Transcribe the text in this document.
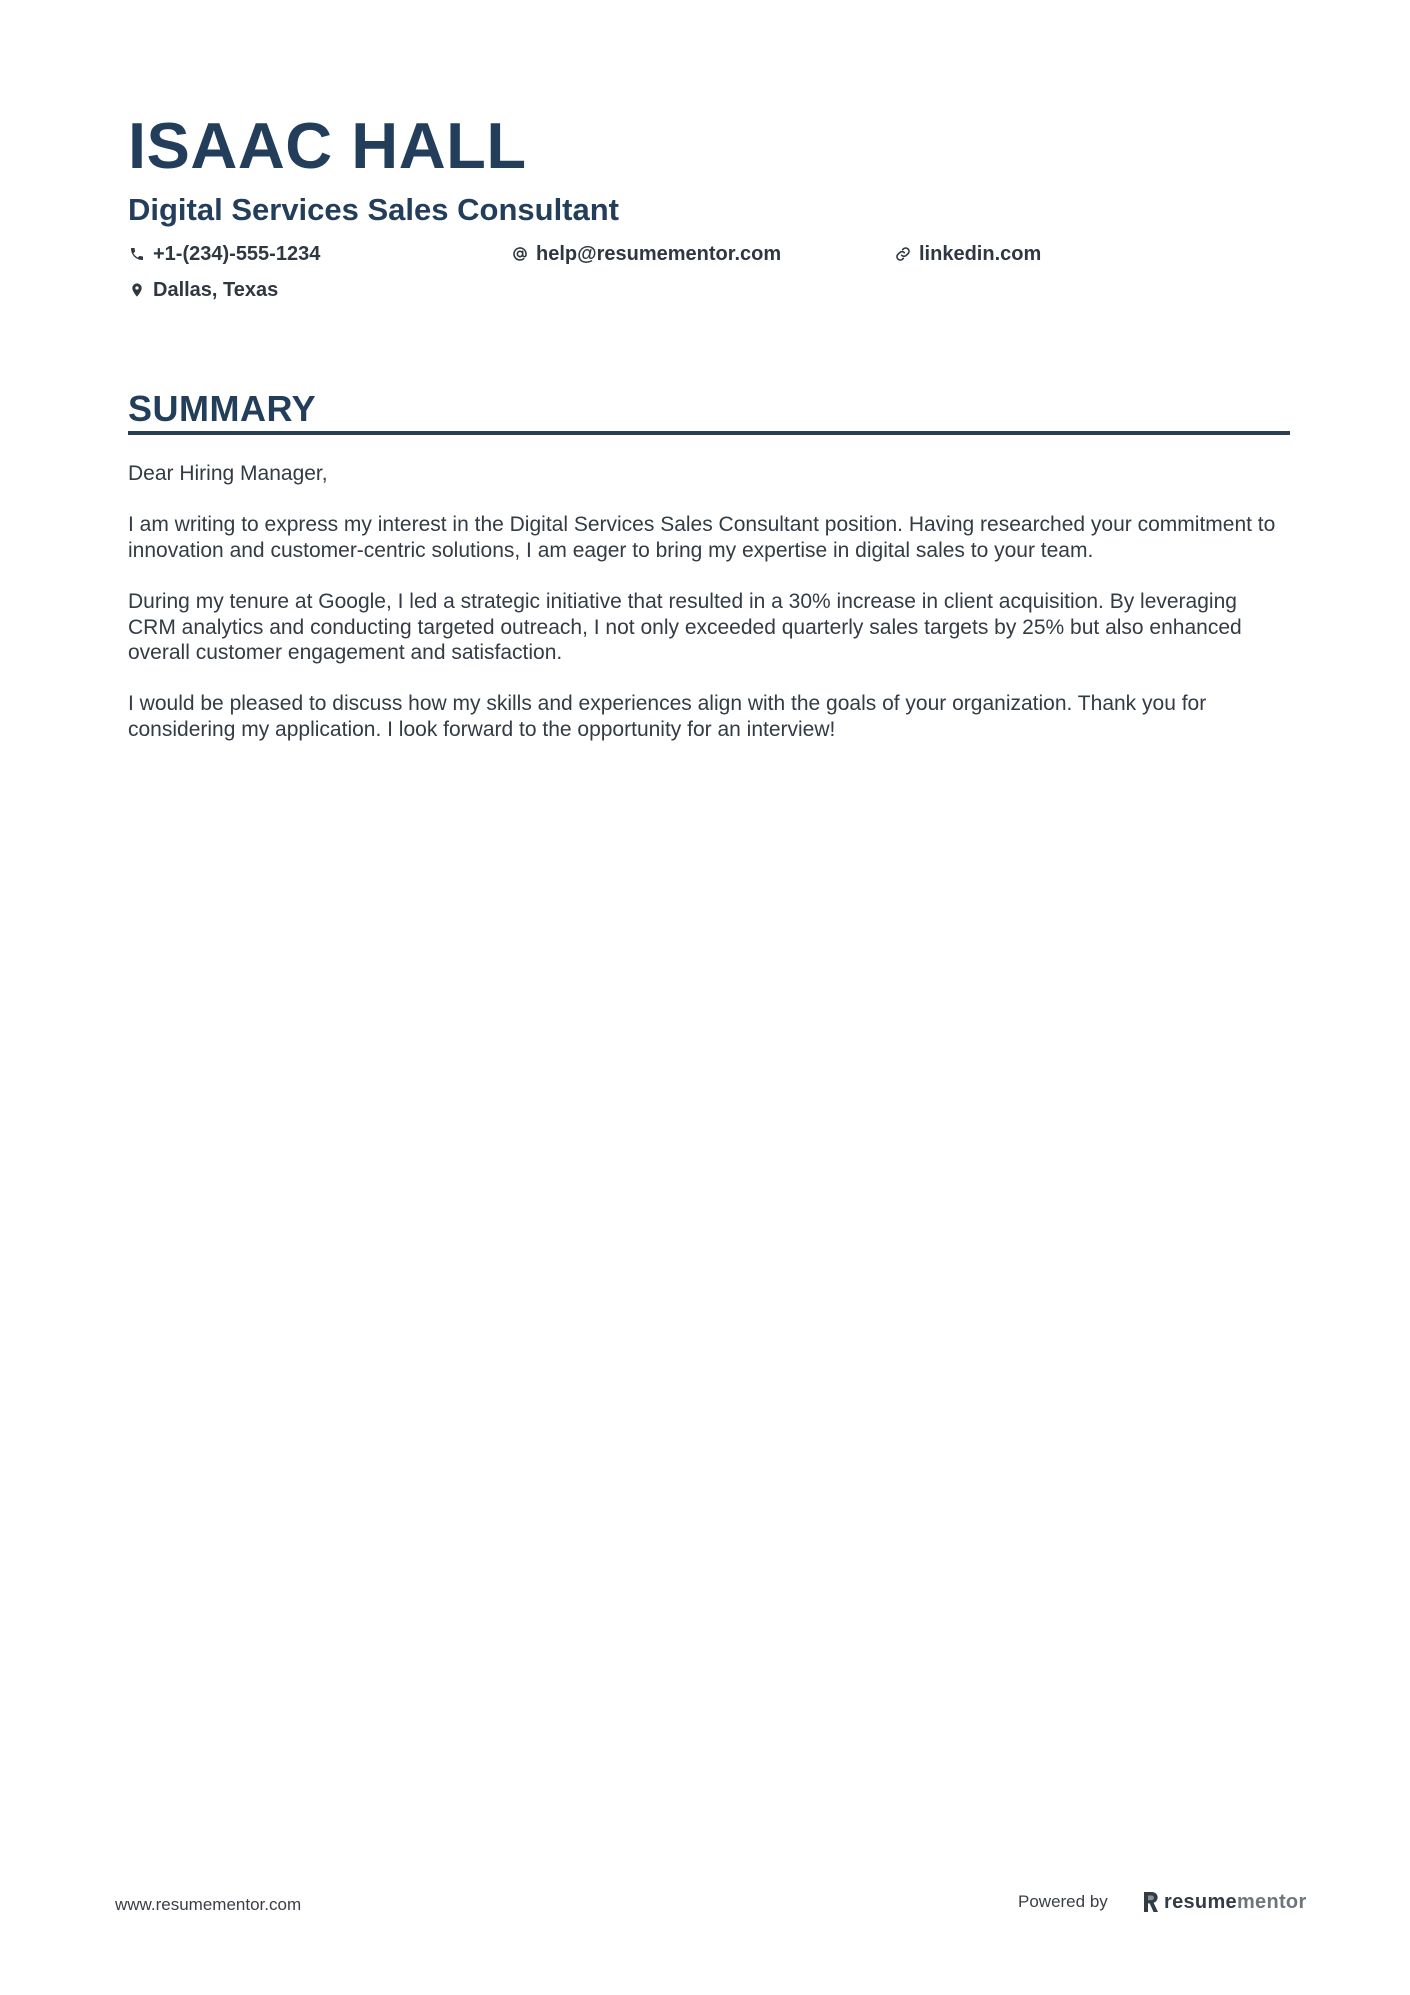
ISAAC HALL
Digital Services Sales Consultant
+1-(234)-555-1234	help@resumementor.com	linkedin.com
Dallas, Texas
SUMMARY

Dear Hiring Manager,

I am writing to express my interest in the Digital Services Sales Consultant position. Having researched your commitment to innovation and customer-centric solutions, I am eager to bring my expertise in digital sales to your team.

During my tenure at Google, I led a strategic initiative that resulted in a 30% increase in client acquisition. By leveraging CRM analytics and conducting targeted outreach, I not only exceeded quarterly sales targets by 25% but also enhanced overall customer engagement and satisfaction.

I would be pleased to discuss how my skills and experiences align with the goals of your organization. Thank you for considering my application. I look forward to the opportunity for an interview!

www.resumementor.com	Powered by	resumementor
